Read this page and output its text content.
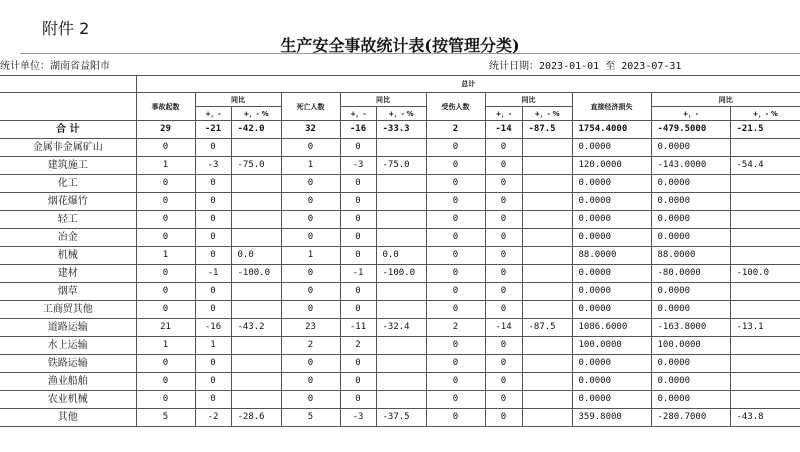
附件 2
生产安全事故统计表(按管理分类)
统计单位：湖南省益阳市	统计日期：2023-01-01 至 2023-07-31
	总计											
	事故起数	同比		死亡人数	同比		受伤人数	同比		直接经济损失	同比	
		+，-	+，- %		+，-	+，- %		+，-	+，- %		+，-	+，- %
合 计	29	-21	-42.0	32	-16	-33.3	2	-14	-87.5	1754.4000	-479.5000	-21.5
金属非金属矿山	0	0		0	0		0	0		0.0000	0.0000	
建筑施工	1	-3	-75.0	1	-3	-75.0	0	0		120.0000	-143.0000	-54.4
化工	0	0		0	0		0	0		0.0000	0.0000	
烟花爆竹	0	0		0	0		0	0		0.0000	0.0000	
轻工	0	0		0	0		0	0		0.0000	0.0000	
冶金	0	0		0	0		0	0		0.0000	0.0000	
机械	1	0	0.0	1	0	0.0	0	0		88.0000	88.0000	
建材	0	-1	-100.0	0	-1	-100.0	0	0		0.0000	-80.0000	-100.0
烟草	0	0		0	0		0	0		0.0000	0.0000	
工商贸其他	0	0		0	0		0	0		0.0000	0.0000	
道路运输	21	-16	-43.2	23	-11	-32.4	2	-14	-87.5	1086.6000	-163.8000	-13.1
水上运输	1	1		2	2		0	0		100.0000	100.0000	
铁路运输	0	0		0	0		0	0		0.0000	0.0000	
渔业船舶	0	0		0	0		0	0		0.0000	0.0000	
农业机械	0	0		0	0		0	0		0.0000	0.0000	
其他	5	-2	-28.6	5	-3	-37.5	0	0		359.8000	-280.7000	-43.8
